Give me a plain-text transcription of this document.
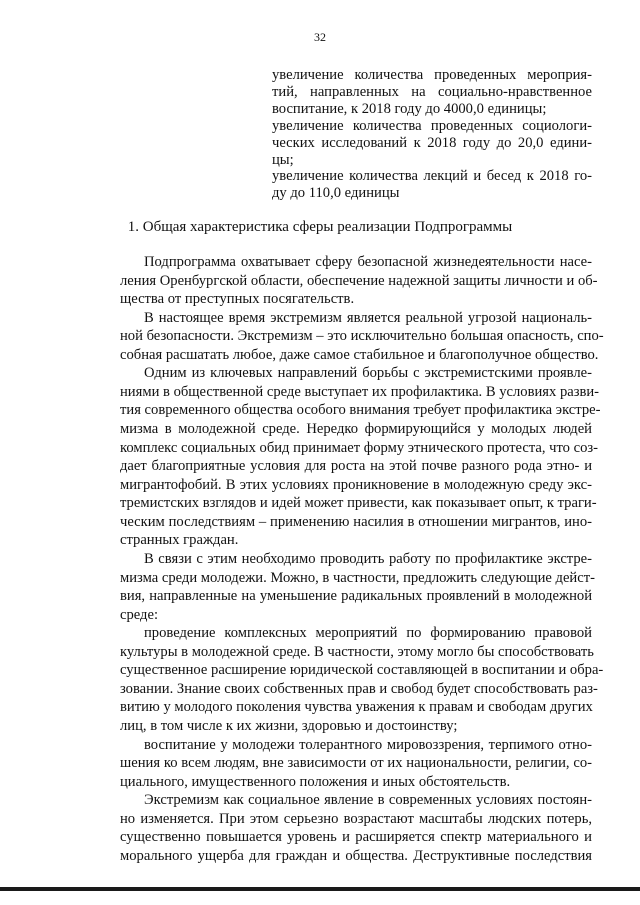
32
увеличение количества проведенных мероприя-
тий, направленных на социально-нравственное
воспитание, к 2018 году до 4000,0 единицы;
увеличение количества проведенных социологи-
ческих исследований к 2018 году до 20,0 едини-
цы;
увеличение количества лекций и бесед к 2018 го-
ду до 110,0 единицы
1. Общая характеристика сферы реализации Подпрограммы
Подпрограмма охватывает сферу безопасной жизнедеятельности насе-
ления Оренбургской области, обеспечение надежной защиты личности и об-
щества от преступных посягательств.
В настоящее время экстремизм является реальной угрозой националь-
ной безопасности. Экстремизм – это исключительно большая опасность, спо-
собная расшатать любое, даже самое стабильное и благополучное общество.
Одним из ключевых направлений борьбы с экстремистскими проявле-
ниями в общественной среде выступает их профилактика. В условиях разви-
тия современного общества особого внимания требует профилактика экстре-
мизма в молодежной среде. Нередко формирующийся у молодых людей
комплекс социальных обид принимает форму этнического протеста, что соз-
дает благоприятные условия для роста на этой почве разного рода этно- и
мигрантофобий. В этих условиях проникновение в молодежную среду экс-
тремистских взглядов и идей может привести, как показывает опыт, к траги-
ческим последствиям – применению насилия в отношении мигрантов, ино-
странных граждан.
В связи с этим необходимо проводить работу по профилактике экстре-
мизма среди молодежи. Можно, в частности, предложить следующие дейст-
вия, направленные на уменьшение радикальных проявлений в молодежной
среде:
проведение комплексных мероприятий по формированию правовой
культуры в молодежной среде. В частности, этому могло бы способствовать
существенное расширение юридической составляющей в воспитании и обра-
зовании. Знание своих собственных прав и свобод будет способствовать раз-
витию у молодого поколения чувства уважения к правам и свободам других
лиц, в том числе к их жизни, здоровью и достоинству;
воспитание у молодежи толерантного мировоззрения, терпимого отно-
шения ко всем людям, вне зависимости от их национальности, религии, со-
циального, имущественного положения и иных обстоятельств.
Экстремизм как социальное явление в современных условиях постоян-
но изменяется. При этом серьезно возрастают масштабы людских потерь,
существенно повышается уровень и расширяется спектр материального и
морального ущерба для граждан и общества. Деструктивные последствия
